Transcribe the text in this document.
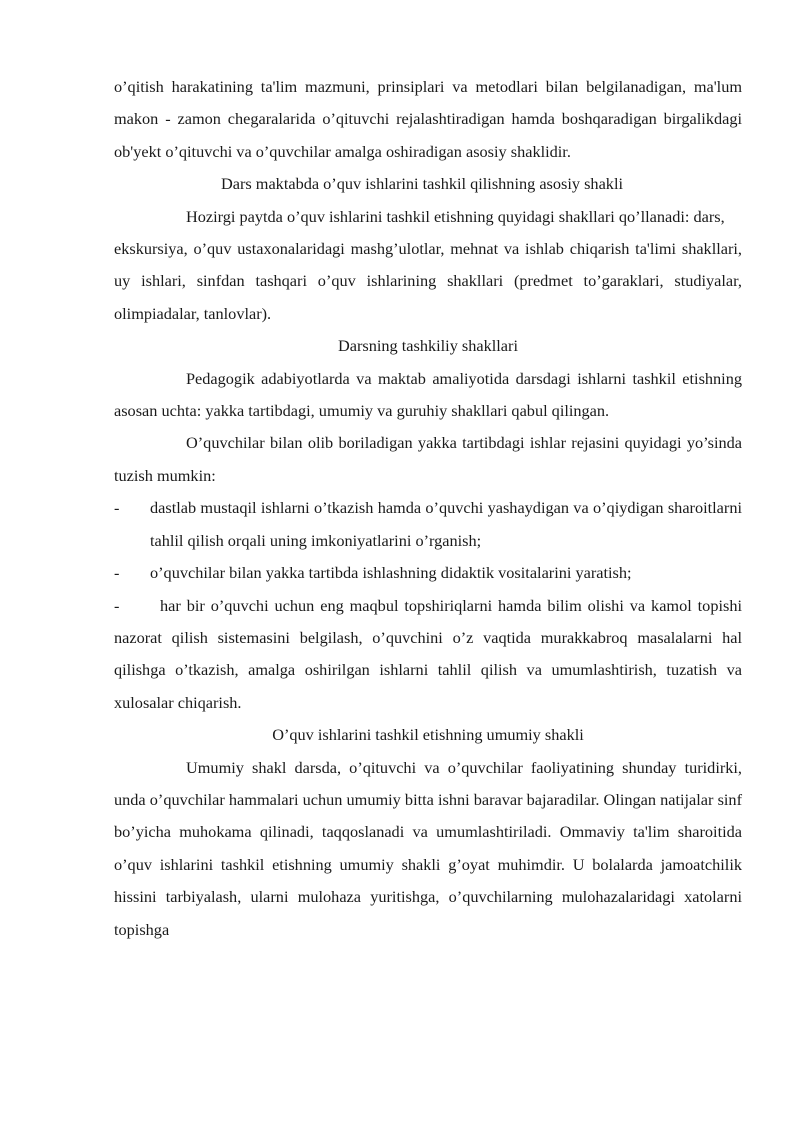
o’qitish harakatining ta'lim mazmuni, prinsiplari va metodlari bilan belgilanadigan, ma'lum makon - zamon chegaralarida o’qituvchi rejalashtiradigan hamda boshqaradigan birgalikdagi ob'yekt o’qituvchi va o’quvchilar amalga oshiradigan asosiy shaklidir.

Dars maktabda o’quv ishlarini tashkil qilishning asosiy shakli

Hozirgi paytda o’quv ishlarini tashkil etishning quyidagi shakllari qo’llanadi: dars,

ekskursiya, o’quv ustaxonalaridagi mashg’ulotlar, mehnat va ishlab chiqarish ta'limi shakllari, uy ishlari, sinfdan tashqari o’quv ishlarining shakllari (predmet to’garaklari, studiyalar, olimpiadalar, tanlovlar).

Darsning tashkiliy shakllari

Pedagogik adabiyotlarda va maktab amaliyotida darsdagi ishlarni tashkil etishning asosan uchta: yakka tartibdagi, umumiy va guruhiy shakllari qabul qilingan.

O’quvchilar bilan olib boriladigan yakka tartibdagi ishlar rejasini quyidagi yo’sinda tuzish mumkin:

-	dastlab mustaqil ishlarni o’tkazish hamda o’quvchi yashaydigan va o’qiydigan sharoitlarni tahlil qilish orqali uning imkoniyatlarini o’rganish;
-	o’quvchilar bilan yakka tartibda ishlashning didaktik vositalarini yaratish;

- har bir o’quvchi uchun eng maqbul topshiriqlarni hamda bilim olishi va kamol topishi nazorat qilish sistemasini belgilash, o’quvchini o’z vaqtida murakkabroq masalalarni hal qilishga o’tkazish, amalga oshirilgan ishlarni tahlil qilish va umumlashtirish, tuzatish va xulosalar chiqarish.

O’quv ishlarini tashkil etishning umumiy shakli

Umumiy shakl darsda, o’qituvchi va o’quvchilar faoliyatining shunday turidirki, unda o’quvchilar hammalari uchun umumiy bitta ishni baravar bajaradilar. Olingan natijalar sinf bo’yicha muhokama qilinadi, taqqoslanadi va umumlashtiriladi. Ommaviy ta'lim sharoitida o’quv ishlarini tashkil etishning umumiy shakli g’oyat muhimdir. U bolalarda jamoatchilik hissini tarbiyalash, ularni mulohaza yuritishga, o’quvchilarning mulohazalaridagi xatolarni topishga
